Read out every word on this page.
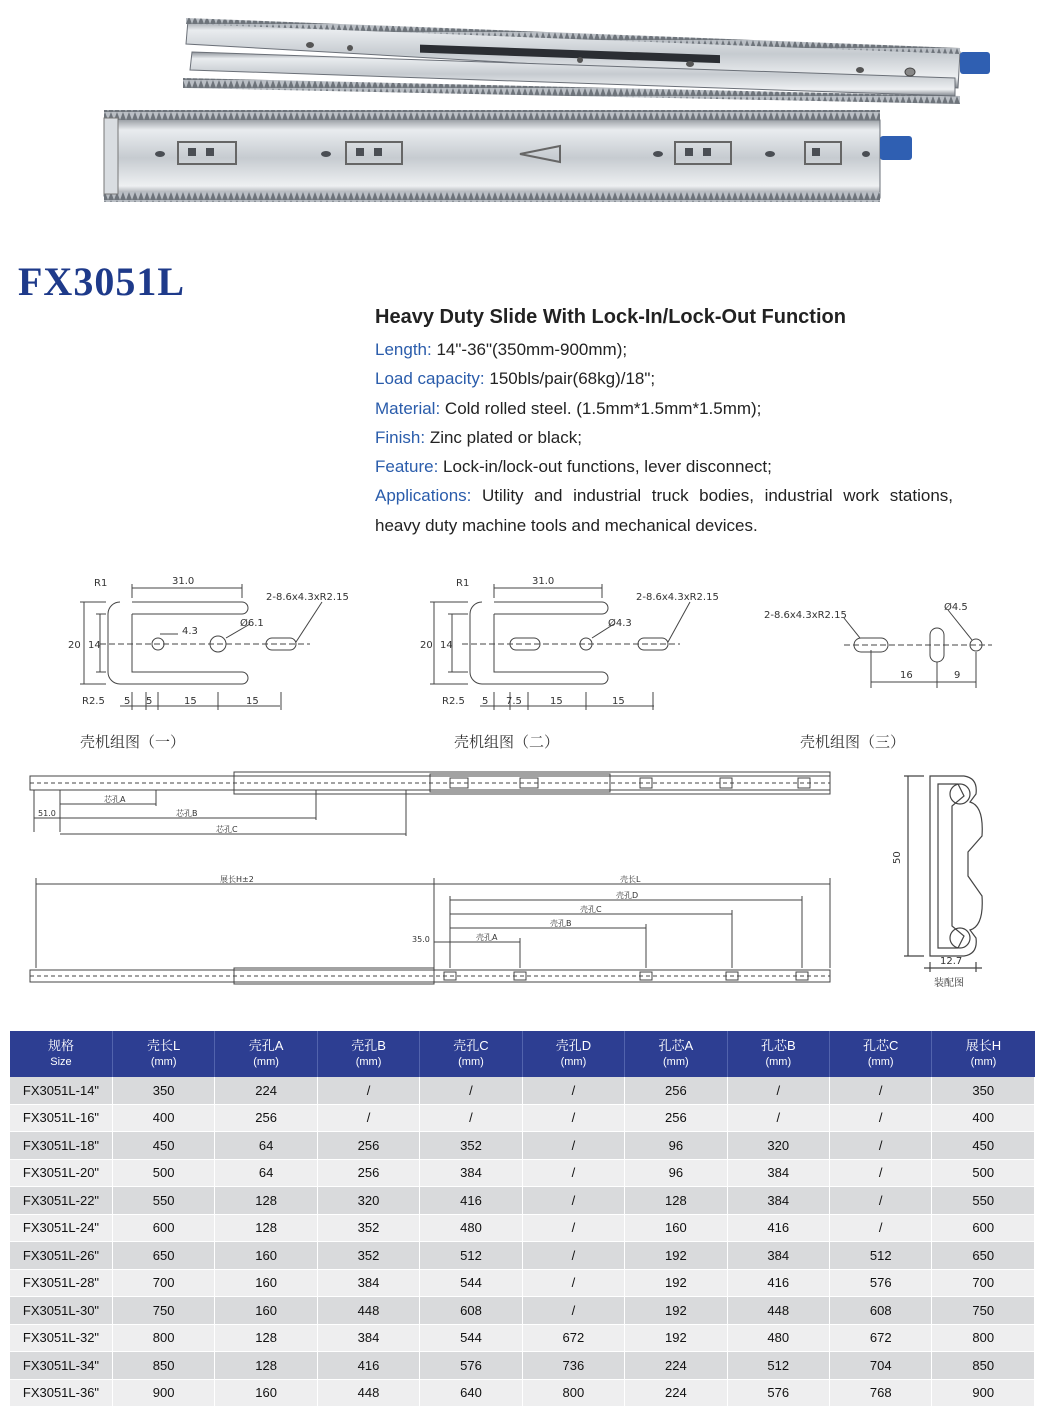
FX3051L
Heavy Duty Slide With Lock-In/Lock-Out Function
Length: 14"-36"(350mm-900mm);
Load capacity: 150bls/pair(68kg)/18";
Material: Cold rolled steel. (1.5mm*1.5mm*1.5mm);
Finish: Zinc plated or black;
Feature: Lock-in/lock-out functions, lever disconnect;
Applications: Utility and industrial truck bodies, industrial work stations, heavy duty machine tools and mechanical devices.
R1	31.0
2-8.6x4.3xR2.15
20 14
4.3
Ø6.1
R2.5 5 5	15	15
壳机组图（一）
R1	31.0
2-8.6x4.3xR2.15
20 14
Ø4.3
R2.5 5 7.5	15	15
壳机组图（二）
2-8.6x4.3xR2.15
Ø4.5
16	9
壳机组图（三）
芯孔A
51.0	芯孔B
芯孔C
展长H±2	壳长L
壳孔D
壳孔C
壳孔B
35.0	壳孔A
50
12.7
装配图
规格
Size	壳长L
(mm)	壳孔A
(mm)	壳孔B
(mm)	壳孔C
(mm)	壳孔D
(mm)	孔芯A
(mm)	孔芯B
(mm)	孔芯C
(mm)	展长H
(mm)

FX3051L-14"	350	224	/	/	/	256	/	/	350
FX3051L-16"	400	256	/	/	/	256	/	/	400
FX3051L-18"	450	64	256	352	/	96	320	/	450
FX3051L-20"	500	64	256	384	/	96	384	/	500
FX3051L-22"	550	128	320	416	/	128	384	/	550
FX3051L-24"	600	128	352	480	/	160	416	/	600
FX3051L-26"	650	160	352	512	/	192	384	512	650
FX3051L-28"	700	160	384	544	/	192	416	576	700
FX3051L-30"	750	160	448	608	/	192	448	608	750
FX3051L-32"	800	128	384	544	672	192	480	672	800
FX3051L-34"	850	128	416	576	736	224	512	704	850
FX3051L-36"	900	160	448	640	800	224	576	768	900
